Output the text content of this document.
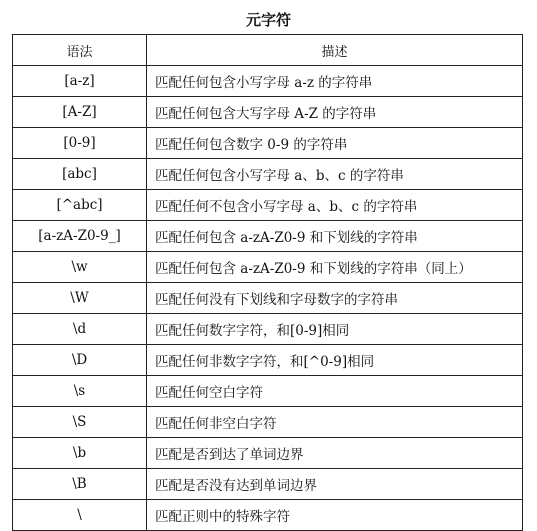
元字符
语法	描述
[a-z]	匹配任何包含小写字母 a-z 的字符串
[A-Z]	匹配任何包含大写字母 A-Z 的字符串
[0-9]	匹配任何包含数字 0-9 的字符串
[abc]	匹配任何包含小写字母 a、b、c 的字符串
[^abc]	匹配任何不包含小写字母 a、b、c 的字符串
[a-zA-Z0-9_]	匹配任何包含 a-zA-Z0-9 和下划线的字符串
\w	匹配任何包含 a-zA-Z0-9 和下划线的字符串（同上）
\W	匹配任何没有下划线和字母数字的字符串
\d	匹配任何数字字符，和[0-9]相同
\D	匹配任何非数字字符，和[^0-9]相同
\s	匹配任何空白字符
\S	匹配任何非空白字符
\b	匹配是否到达了单词边界
\B	匹配是否没有达到单词边界
\	匹配正则中的特殊字符
